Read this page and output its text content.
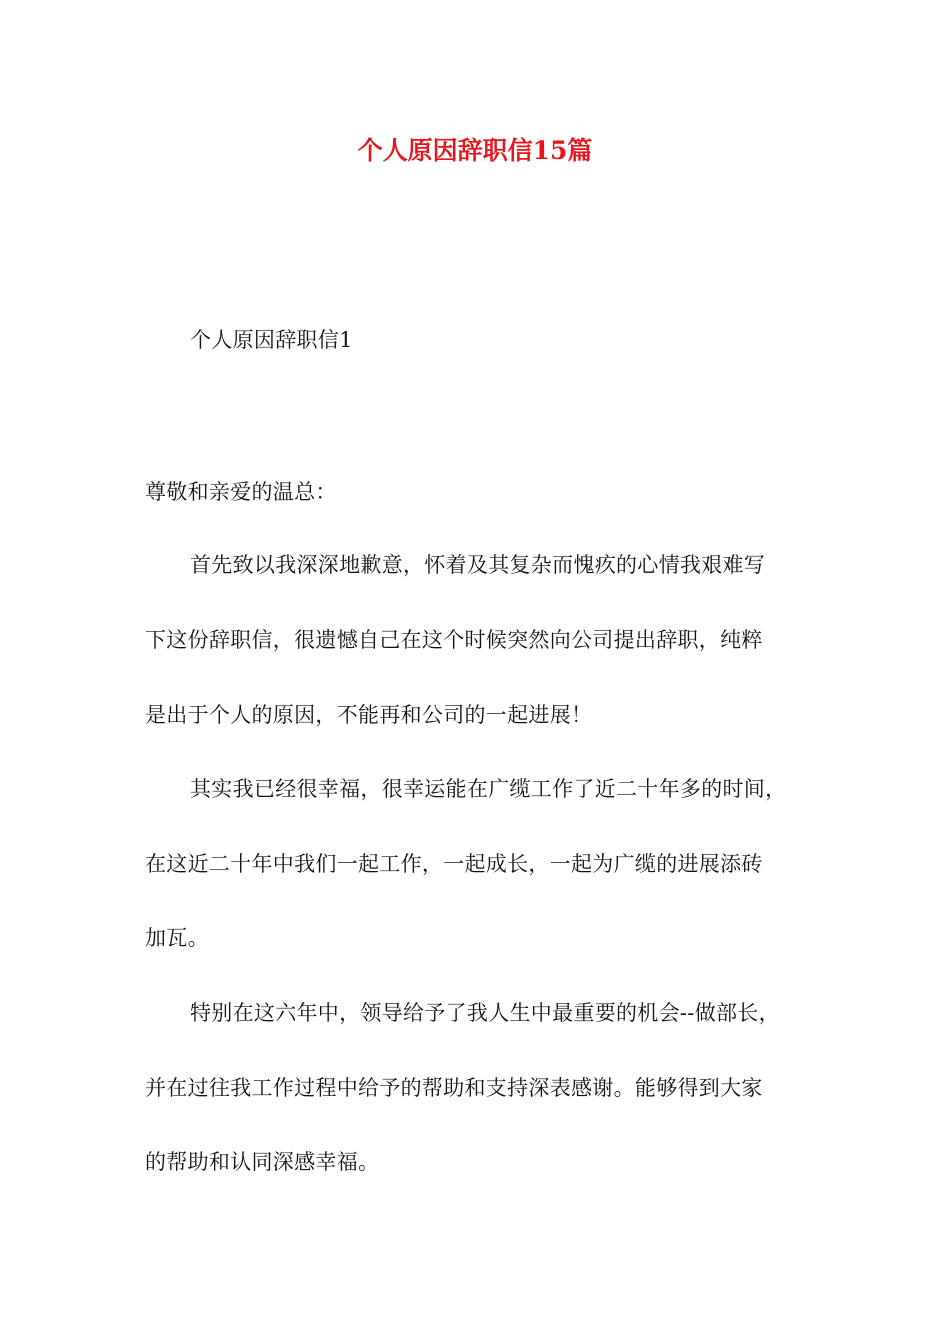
个人原因辞职信15篇
个人原因辞职信1
尊敬和亲爱的温总：
首先致以我深深地歉意，怀着及其复杂而愧疚的心情我艰难写
下这份辞职信，很遗憾自己在这个时候突然向公司提出辞职，纯粹
是出于个人的原因，不能再和公司的一起进展！
其实我已经很幸福，很幸运能在广缆工作了近二十年多的时间，
在这近二十年中我们一起工作，一起成长，一起为广缆的进展添砖
加瓦。
特别在这六年中，领导给予了我人生中最重要的机会--做部长，
并在过往我工作过程中给予的帮助和支持深表感谢。能够得到大家
的帮助和认同深感幸福。
